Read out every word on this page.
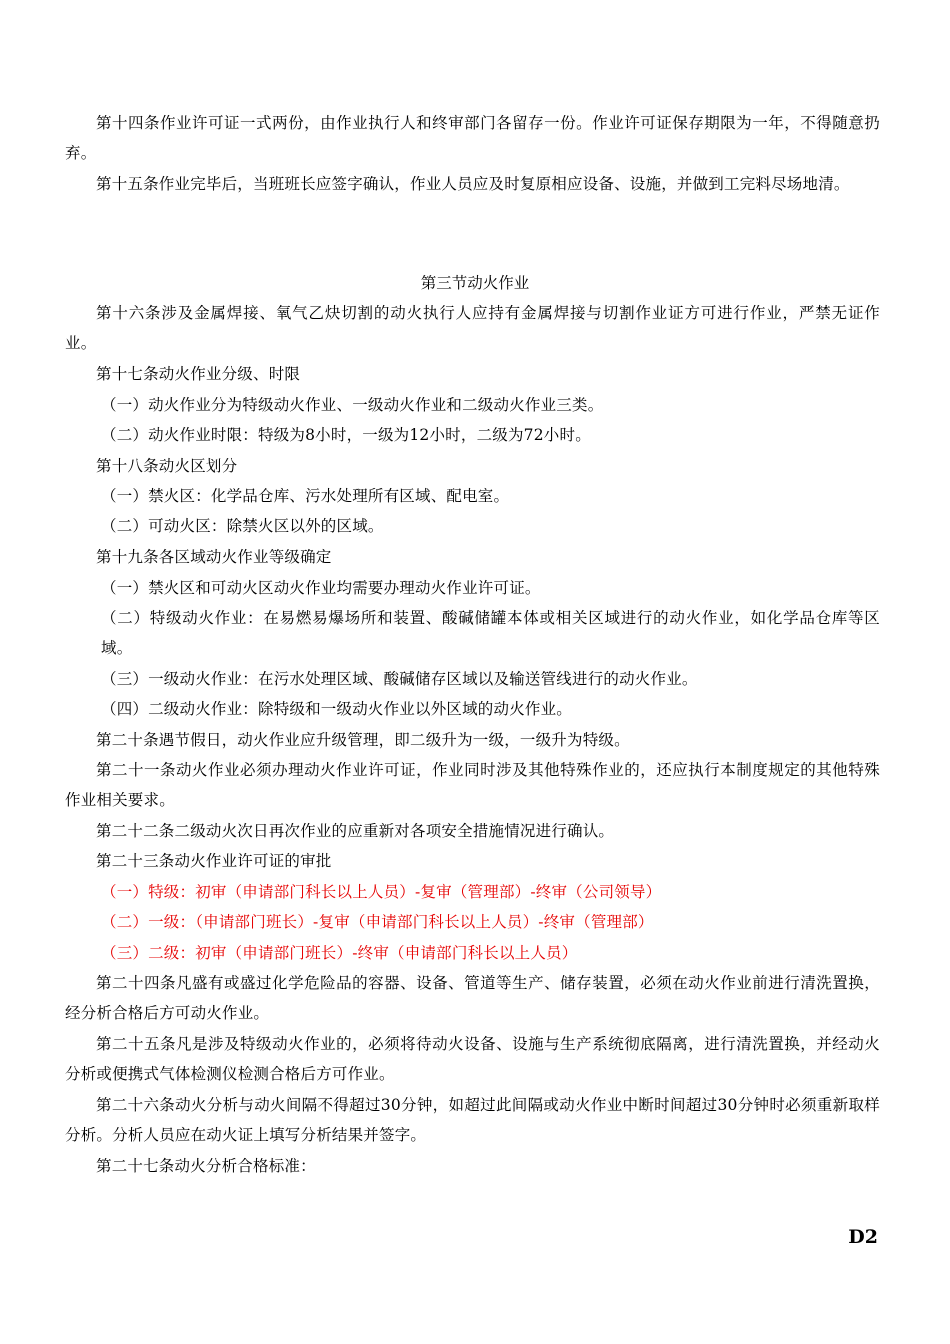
第十四条作业许可证一式两份，由作业执行人和终审部门各留存一份。作业许可证保存期限为一年，不得随意扔弃。

第十五条作业完毕后，当班班长应签字确认，作业人员应及时复原相应设备、设施，并做到工完料尽场地清。

第三节动火作业

第十六条涉及金属焊接、氧气乙炔切割的动火执行人应持有金属焊接与切割作业证方可进行作业，严禁无证作业。

第十七条动火作业分级、时限

（一）动火作业分为特级动火作业、一级动火作业和二级动火作业三类。

（二）动火作业时限：特级为8小时，一级为12小时，二级为72小时。

第十八条动火区划分

（一）禁火区：化学品仓库、污水处理所有区域、配电室。

（二）可动火区：除禁火区以外的区域。

第十九条各区域动火作业等级确定

（一）禁火区和可动火区动火作业均需要办理动火作业许可证。

（二）特级动火作业：在易燃易爆场所和装置、酸碱储罐本体或相关区域进行的动火作业，如化学品仓库等区域。

（三）一级动火作业：在污水处理区域、酸碱储存区域以及输送管线进行的动火作业。

（四）二级动火作业：除特级和一级动火作业以外区域的动火作业。

第二十条遇节假日，动火作业应升级管理，即二级升为一级，一级升为特级。

第二十一条动火作业必须办理动火作业许可证，作业同时涉及其他特殊作业的，还应执行本制度规定的其他特殊作业相关要求。

第二十二条二级动火次日再次作业的应重新对各项安全措施情况进行确认。

第二十三条动火作业许可证的审批

（一）特级：初审（申请部门科长以上人员）-复审（管理部）-终审（公司领导）

（二）一级：（申请部门班长）-复审（申请部门科长以上人员）-终审（管理部）

（三）二级：初审（申请部门班长）-终审（申请部门科长以上人员）

第二十四条凡盛有或盛过化学危险品的容器、设备、管道等生产、储存装置，必须在动火作业前进行清洗置换，经分析合格后方可动火作业。

第二十五条凡是涉及特级动火作业的，必须将待动火设备、设施与生产系统彻底隔离，进行清洗置换，并经动火分析或便携式气体检测仪检测合格后方可作业。

第二十六条动火分析与动火间隔不得超过30分钟，如超过此间隔或动火作业中断时间超过30分钟时必须重新取样分析。分析人员应在动火证上填写分析结果并签字。

第二十七条动火分析合格标准：

D2
